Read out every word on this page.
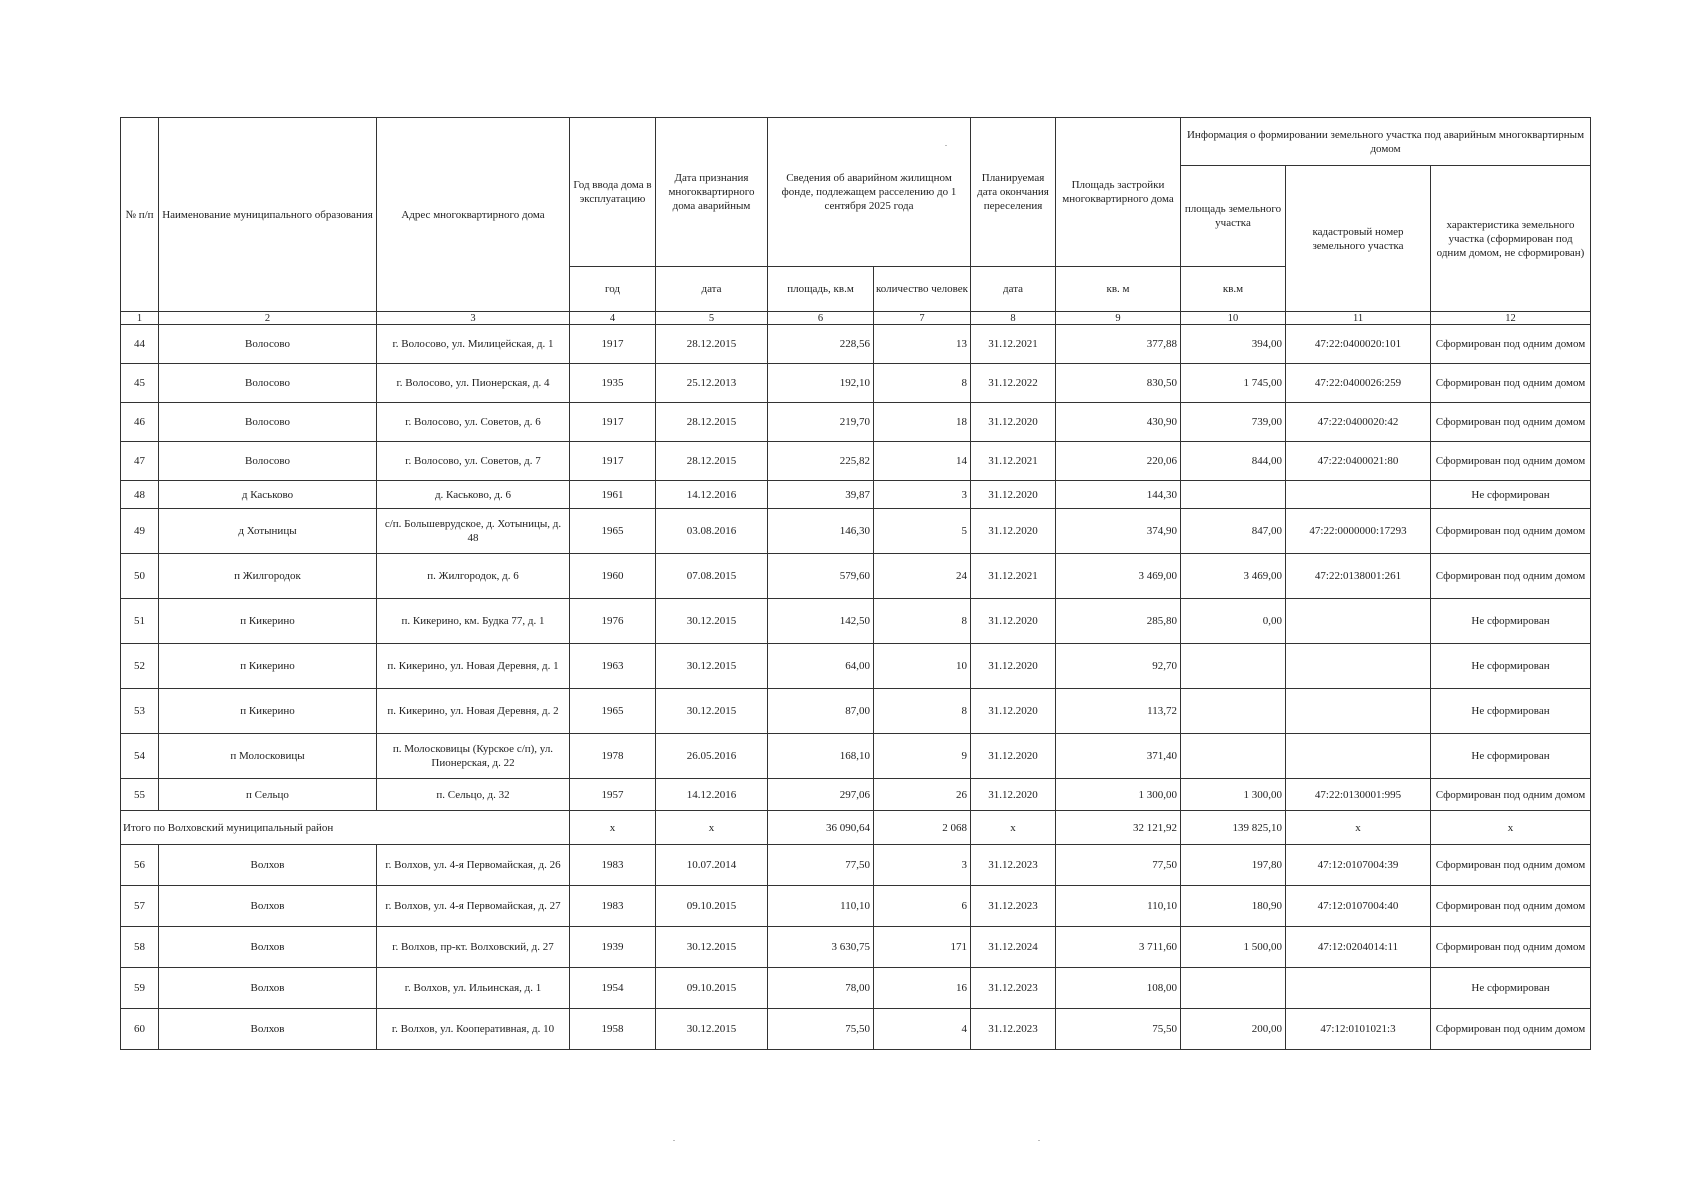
№ п/п	Наименование муниципального образования	Адрес многоквартирного дома	Год ввода дома в эксплуатацию	Дата признания многоквартирного дома аварийным	Сведения об аварийном жилищном фонде, подлежащем расселению до 1 сентября 2025 года		Планируемая дата окончания переселения	Площадь застройки многоквартирного дома	Информация о формировании земельного участка под аварийным многоквартирным домом		
									площадь земельного участка	кадастровый номер земельного участка	характеристика земельного участка (сформирован под одним домом, не сформирован)
			год	дата	площадь, кв.м	количество человек	дата	кв. м	кв.м		
1	2	3	4	5	6	7	8	9	10	11	12
44	Волосово	г. Волосово, ул. Милицейская, д. 1	1917	28.12.2015	228,56	13	31.12.2021	377,88	394,00	47:22:0400020:101	Сформирован под одним домом
45	Волосово	г. Волосово, ул. Пионерская, д. 4	1935	25.12.2013	192,10	8	31.12.2022	830,50	1 745,00	47:22:0400026:259	Сформирован под одним домом
46	Волосово	г. Волосово, ул. Советов, д. 6	1917	28.12.2015	219,70	18	31.12.2020	430,90	739,00	47:22:0400020:42	Сформирован под одним домом
47	Волосово	г. Волосово, ул. Советов, д. 7	1917	28.12.2015	225,82	14	31.12.2021	220,06	844,00	47:22:0400021:80	Сформирован под одним домом
48	д Каськово	д. Каськово, д. 6	1961	14.12.2016	39,87	3	31.12.2020	144,30			Не сформирован
49	д Хотыницы	с/п. Большеврудское, д. Хотыницы, д. 48	1965	03.08.2016	146,30	5	31.12.2020	374,90	847,00	47:22:0000000:17293	Сформирован под одним домом
50	п Жилгородок	п. Жилгородок, д. 6	1960	07.08.2015	579,60	24	31.12.2021	3 469,00	3 469,00	47:22:0138001:261	Сформирован под одним домом
51	п Кикерино	п. Кикерино, км. Будка 77, д. 1	1976	30.12.2015	142,50	8	31.12.2020	285,80	0,00		Не сформирован
52	п Кикерино	п. Кикерино, ул. Новая Деревня, д. 1	1963	30.12.2015	64,00	10	31.12.2020	92,70			Не сформирован
53	п Кикерино	п. Кикерино, ул. Новая Деревня, д. 2	1965	30.12.2015	87,00	8	31.12.2020	113,72			Не сформирован
54	п Молосковицы	п. Молосковицы (Курское с/п), ул. Пионерская, д. 22	1978	26.05.2016	168,10	9	31.12.2020	371,40			Не сформирован
55	п Сельцо	п. Сельцо, д. 32	1957	14.12.2016	297,06	26	31.12.2020	1 300,00	1 300,00	47:22:0130001:995	Сформирован под одним домом
Итого по Волховский муниципальный район			х	х	36 090,64	2 068	х	32 121,92	139 825,10	х	х
56	Волхов	г. Волхов, ул. 4-я Первомайская, д. 26	1983	10.07.2014	77,50	3	31.12.2023	77,50	197,80	47:12:0107004:39	Сформирован под одним домом
57	Волхов	г. Волхов, ул. 4-я Первомайская, д. 27	1983	09.10.2015	110,10	6	31.12.2023	110,10	180,90	47:12:0107004:40	Сформирован под одним домом
58	Волхов	г. Волхов, пр-кт. Волховский, д. 27	1939	30.12.2015	3 630,75	171	31.12.2024	3 711,60	1 500,00	47:12:0204014:11	Сформирован под одним домом
59	Волхов	г. Волхов, ул. Ильинская, д. 1	1954	09.10.2015	78,00	16	31.12.2023	108,00			Не сформирован
60	Волхов	г. Волхов, ул. Кооперативная, д. 10	1958	30.12.2015	75,50	4	31.12.2023	75,50	200,00	47:12:0101021:3	Сформирован под одним домом
